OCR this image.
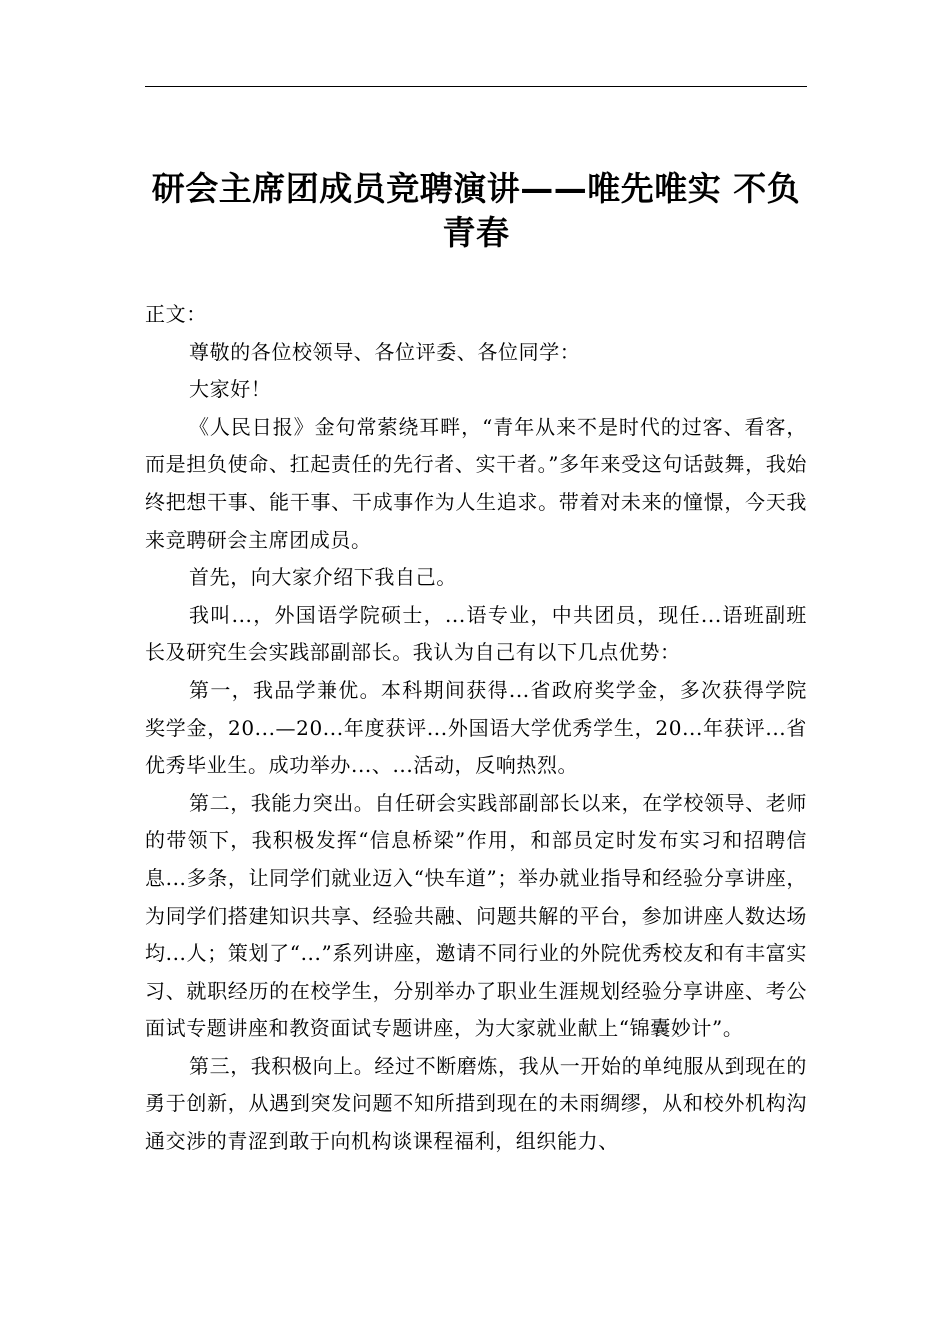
研会主席团成员竞聘演讲——唯先唯实 不负青春

正文：

尊敬的各位校领导、各位评委、各位同学：

大家好！

《人民日报》金句常萦绕耳畔，“青年从来不是时代的过客、看客，而是担负使命、扛起责任的先行者、实干者。”多年来受这句话鼓舞，我始终把想干事、能干事、干成事作为人生追求。带着对未来的憧憬，今天我来竞聘研会主席团成员。

首先，向大家介绍下我自己。

我叫...，外国语学院硕士，...语专业，中共团员，现任...语班副班长及研究生会实践部副部长。我认为自己有以下几点优势：

第一，我品学兼优。本科期间获得...省政府奖学金，多次获得学院奖学金，20...—20...年度获评...外国语大学优秀学生，20...年获评...省优秀毕业生。成功举办...、...活动，反响热烈。

第二，我能力突出。自任研会实践部副部长以来，在学校领导、老师的带领下，我积极发挥“信息桥梁”作用，和部员定时发布实习和招聘信息...多条，让同学们就业迈入“快车道”；举办就业指导和经验分享讲座，为同学们搭建知识共享、经验共融、问题共解的平台，参加讲座人数达场均...人；策划了“...”系列讲座，邀请不同行业的外院优秀校友和有丰富实习、就职经历的在校学生，分别举办了职业生涯规划经验分享讲座、考公面试专题讲座和教资面试专题讲座，为大家就业献上“锦囊妙计”。

第三，我积极向上。经过不断磨炼，我从一开始的单纯服从到现在的勇于创新，从遇到突发问题不知所措到现在的未雨绸缪，从和校外机构沟通交涉的青涩到敢于向机构谈课程福利，组织能力、
